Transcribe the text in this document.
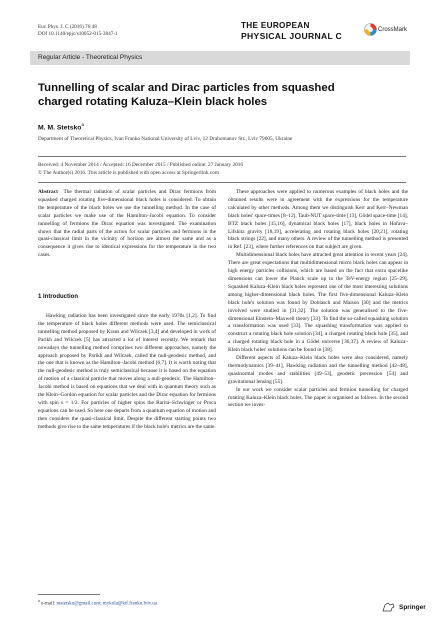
Eur. Phys. J. C (2016) 76:48
DOI 10.1140/epjc/s10052-015-3847-1
THE EUROPEAN
PHYSICAL JOURNAL C
CrossMark
Regular Article - Theoretical Physics
Tunnelling of scalar and Dirac particles from squashed charged rotating Kaluza–Klein black holes
M. M. Stetsko$^a$
Department of Theoretical Physics, Ivan Franko National University of Lviv, 12 Drahomanov Str., Lviv 79005, Ukraine
Received: 4 November 2014 / Accepted: 16 December 2015 / Published online: 27 January 2016
© The Author(s) 2016. This article is published with open access at Springerlink.com

Abstract The thermal radiation of scalar particles and Dirac fermions from squashed charged rotating five-dimensional black holes is considered. To obtain the temperature of the black holes we use the tunnelling method. In the case of scalar particles we make use of the Hamilton–Jacobi equation. To consider tunnelling of fermions the Dirac equation was investigated. The examination shows that the radial parts of the action for scalar particles and fermions in the quasi-classical limit in the vicinity of horizon are almost the same and as a consequence it gives rise to identical expressions for the temperature in the two cases.

1 Introduction

Hawking radiation has been investigated since the early 1970s [1,2]. To find the temperature of black holes different methods were used. The semiclassical tunnelling method proposed by Kraus and Wilczek [3,4] and developed in work of Parikh and Wilczek [5] has attracted a lot of interest recently. We remark that nowadays the tunnelling method comprises two different approaches, namely the approach proposed by Parikh and Wilczek, called the null-geodesic method, and the one that is known as the Hamilton–Jacobi method [6,7]. It is worth noting that the null-geodesic method is truly semiclassical because it is based on the equation of motion of a classical particle that moves along a null-geodesic. The Hamilton–Jacobi method is based on equations that we deal with in quantum theory such as the Klein–Gordon equation for scalar particles and the Dirac equation for fermions with spin s = 1/2. For particles of higher spins the Rarita–Schwinger or Proca equations can be used. So here one departs from a quantum equation of motion and then considers the quasi-classical limit. Despite the different starting points two methods give rise to the same temperatures if the black hole's metrics are the same.

These approaches were applied to numerous examples of black holes and the obtained results were in agreement with the expressions for the temperature calculated by other methods. Among them we distinguish Kerr and Kerr–Newman black holes' space-times [8–12], Taub-NUT space-time [13], Gödel space-time [14], BTZ black holes [15,16], dynamical black holes [17], black holes in Hořava–Lifshitz gravity [18,19], accelerating and rotating black holes [20,21], rotating black strings [22], and many others. A review of the tunnelling method is presented in Ref. [23], where further references on that subject are given.

Multidimensional black holes have attracted great attention in recent years [24]. There are great expectations that multidimensional micro black holes can appear in high energy particles collisions, which are based on the fact that extra spacelike dimensions can lower the Planck scale up to the TeV-energy region [25–29]. Squashed Kaluza–Klein black holes represent one of the most interesting solutions among higher-dimensional black holes. The first five-dimensional Kaluza–Klein black hole's solution was found by Dobiasch and Maison [30] and the metrics involved were studied in [31,32]. The solution was generalised to the five-dimensional Einstein–Maxwell theory [33]. To find the so-called squashing solution a transformation was used [33]. The squashing transformation was applied to construct a rotating black hole solution [34], a charged rotating black hole [35], and a charged rotating black hole in a Gödel universe [36,37]. A review of Kaluza–Klein black holes' solutions can be found in [38].

Different aspects of Kaluza–Klein black holes were also considered, namely thermodynamics [39–41], Hawking radiation and the tunnelling method [42–48], quasinormal modes and stabilities [49–53], geodetic precession [54] and gravitational lensing [55].

In our work we consider scalar particles and fermion tunnelling for charged rotating Kaluza–Klein black holes. The paper is organised as follows. In the second section we inves-

$^a$ e-mail: mstetsko@gmail.com; mykola@ktf.franko.lviv.ua	Springer
